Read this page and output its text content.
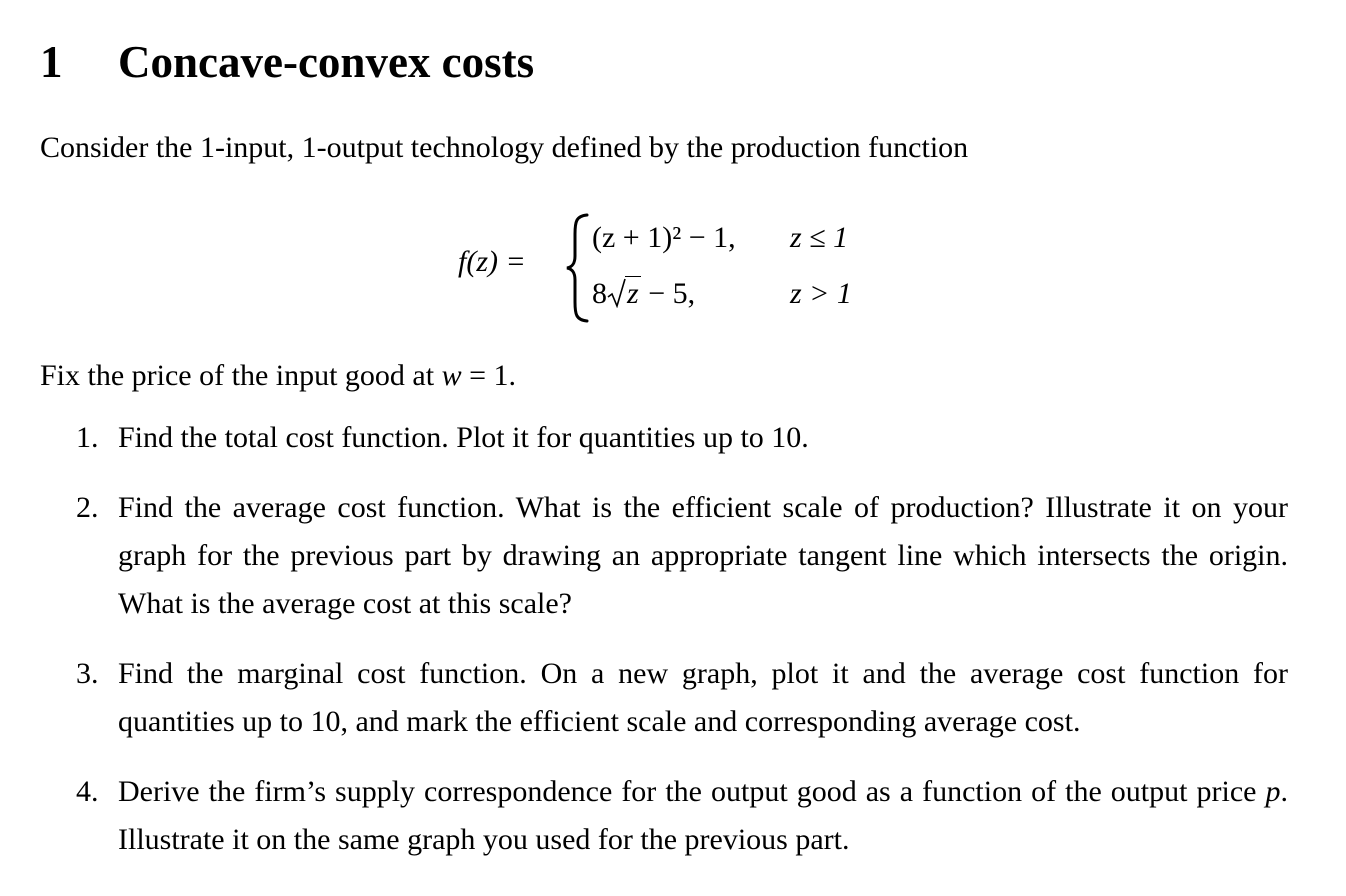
1 Concave-convex costs

Consider the 1-input, 1-output technology defined by the production function

f(z) =
(z + 1)² − 1, z ≤ 1
8 z − 5,	z > 1

Fix the price of the input good at w = 1.

1. Find the total cost function. Plot it for quantities up to 10.
2. Find the average cost function. What is the efficient scale of production? Illustrate it on your graph for the previous part by drawing an appropriate tangent line which intersects the origin. What is the average cost at this scale?
3. Find the marginal cost function. On a new graph, plot it and the average cost function for quantities up to 10, and mark the efficient scale and corresponding average cost.
4. Derive the firm’s supply correspondence for the output good as a function of the output price p. Illustrate it on the same graph you used for the previous part.
